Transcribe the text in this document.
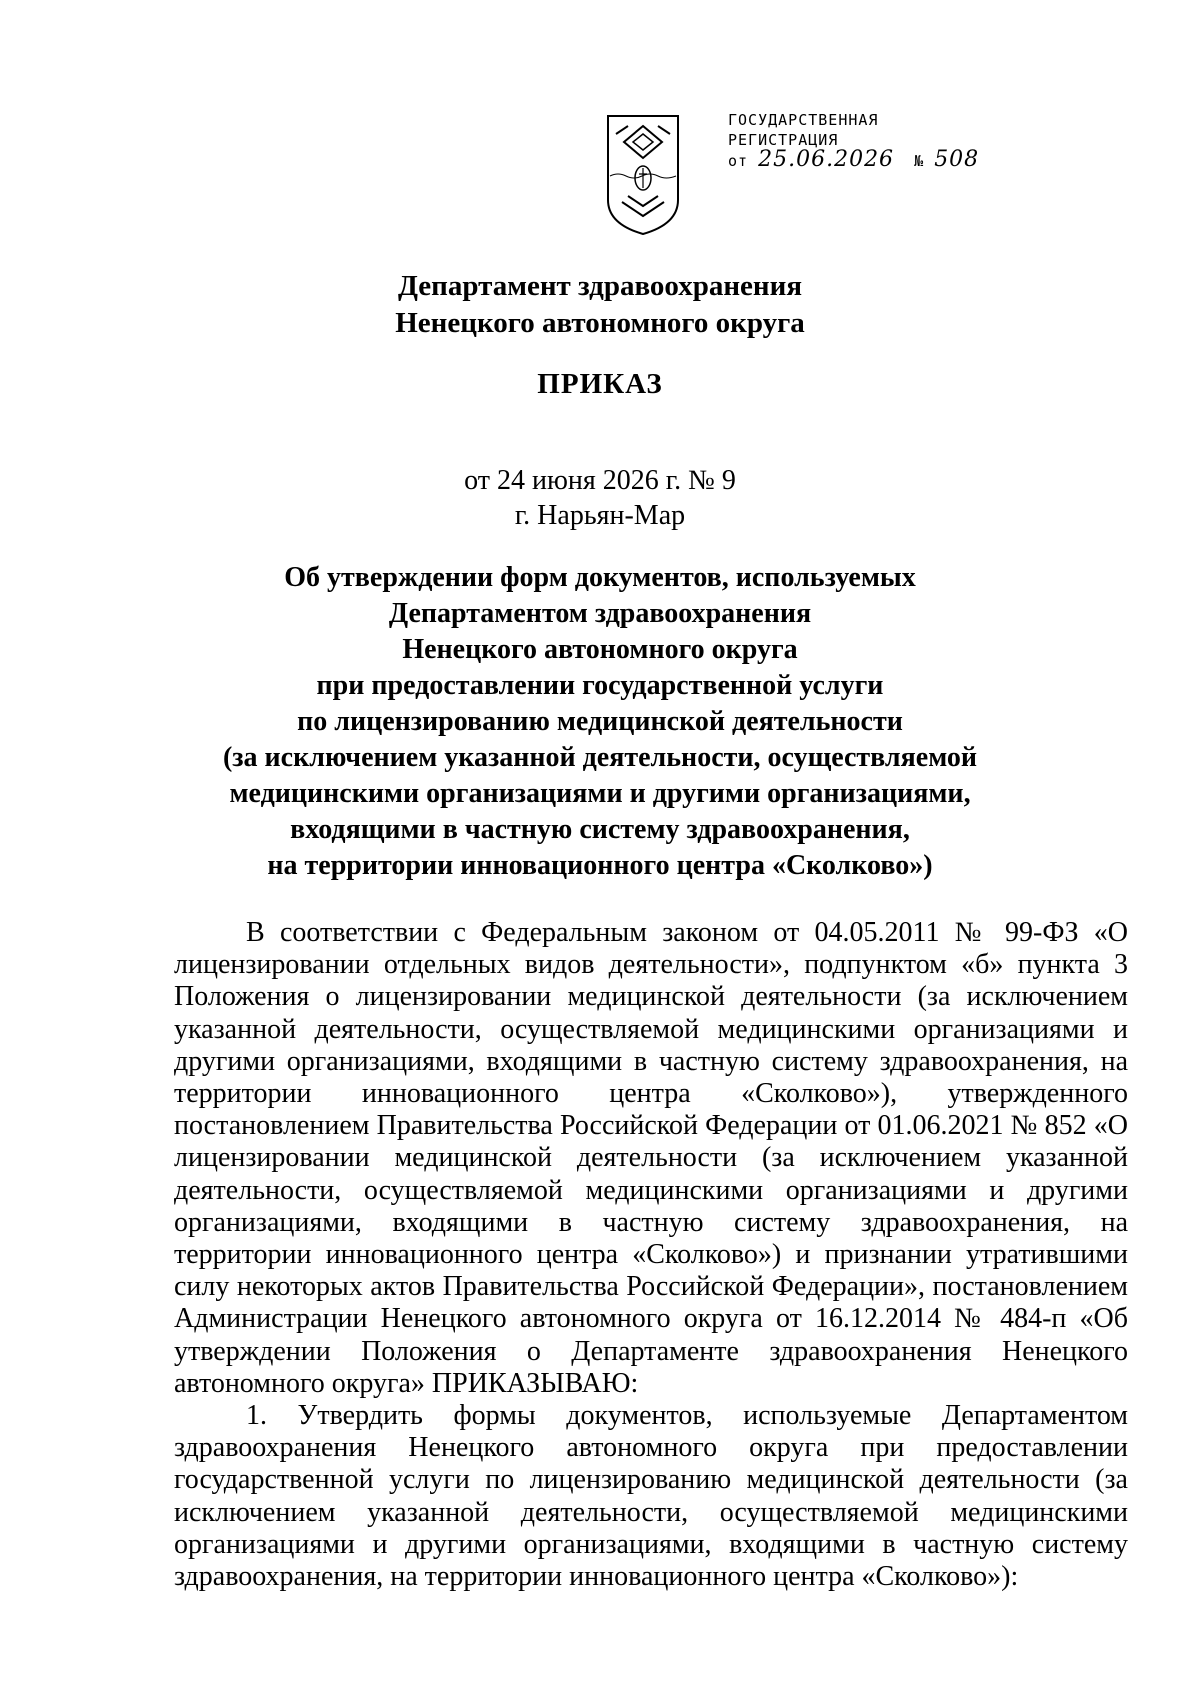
ГОСУДАРСТВЕННАЯ
РЕГИСТРАЦИЯ
от 25.06.2026 № 508
Департамент здравоохранения
Ненецкого автономного округа
ПРИКАЗ
от 24 июня 2026 г. № 9
г. Нарьян-Мар
Об утверждении форм документов, используемых
Департаментом здравоохранения
Ненецкого автономного округа
при предоставлении государственной услуги
по лицензированию медицинской деятельности
(за исключением указанной деятельности, осуществляемой
медицинскими организациями и другими организациями,
входящими в частную систему здравоохранения,
на территории инновационного центра «Сколково»)

В соответствии с Федеральным законом от 04.05.2011 № 99-ФЗ «О лицензировании отдельных видов деятельности», подпунктом «б» пункта 3 Положения о лицензировании медицинской деятельности (за исключением указанной деятельности, осуществляемой медицинскими организациями и другими организациями, входящими в частную систему здравоохранения, на территории инновационного центра «Сколково»), утвержденного постановлением Правительства Российской Федерации от 01.06.2021 № 852 «О лицензировании медицинской деятельности (за исключением указанной деятельности, осуществляемой медицинскими организациями и другими организациями, входящими в частную систему здравоохранения, на территории инновационного центра «Сколково») и признании утратившими силу некоторых актов Правительства Российской Федерации», постановлением Администрации Ненецкого автономного округа от 16.12.2014 № 484-п «Об утверждении Положения о Департаменте здравоохранения Ненецкого автономного округа» ПРИКАЗЫВАЮ:

1. Утвердить формы документов, используемые Департаментом здравоохранения Ненецкого автономного округа при предоставлении государственной услуги по лицензированию медицинской деятельности (за исключением указанной деятельности, осуществляемой медицинскими организациями и другими организациями, входящими в частную систему здравоохранения, на территории инновационного центра «Сколково»):
